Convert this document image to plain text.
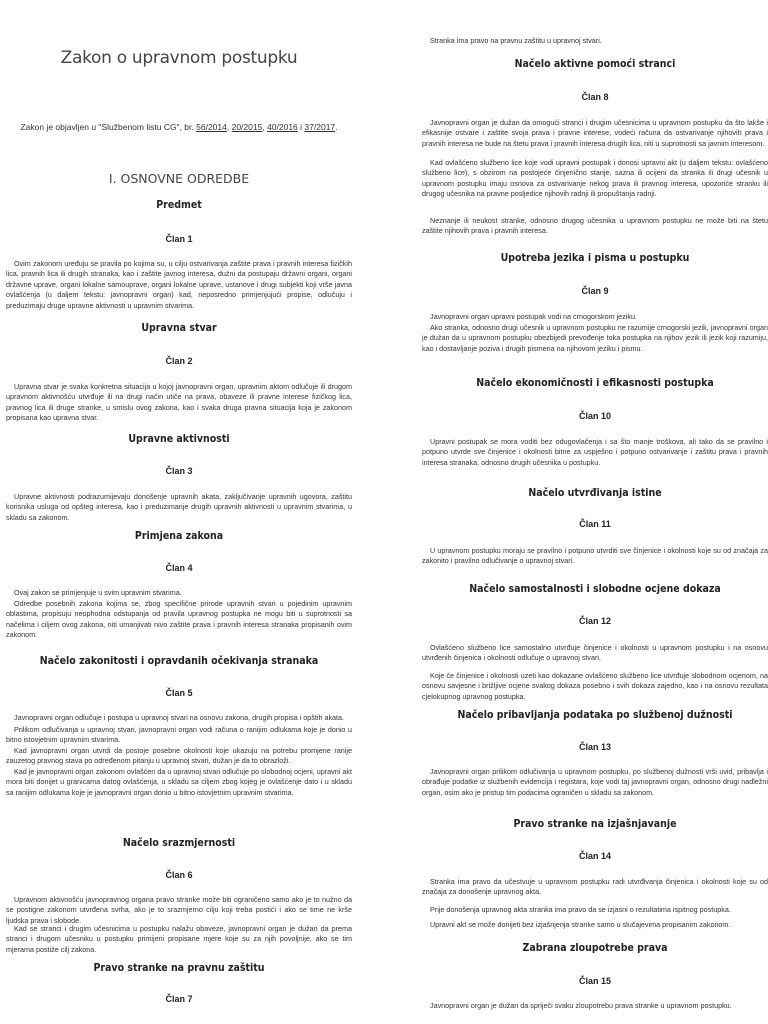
Zakon o upravnom postupku
Zakon je objavljen u "Službenom listu CG", br. 56/2014, 20/2015, 40/2016 i 37/2017.
I. OSNOVNE ODREDBE
Predmet
Član 1
Ovim zakonom uređuju se pravila po kojima su, u cilju ostvarivanja zaštite prava i pravnih interesa fizičkih lica, pravnih lica ili drugih stranaka, kao i zaštite javnog interesa, dužni da postupaju državni organi, organi državne uprave, organi lokalne samouprave, organi lokalne uprave, ustanove i drugi subjekti koji vrše javna ovlašćenja (u daljem tekstu: javnopravni organ) kad, neposredno primjenjujući propise, odlučuju i preduzimaju druge upravne aktivnosti u upravnim stvarima.
Upravna stvar
Član 2
Upravna stvar je svaka konkretna situacija u kojoj javnopravni organ, upravnim aktom odlučuje ili drugom upravnom aktivnošću utvrđuje ili na drugi način utiče na prava, obaveze ili pravne interese fizičkog lica, pravnog lica ili druge stranke, u smislu ovog zakona, kao i svaka druga pravna situacija koja je zakonom propisana kao upravna stvar.
Upravne aktivnosti
Član 3
Upravne aktivnosti podrazumijevaju donošenje upravnih akata, zaključivanje upravnih ugovora, zaštitu korisnika usluga od opšteg interesa, kao i preduzimanje drugih upravnih aktivnosti u upravnim stvarima, u skladu sa zakonom.
Primjena zakona
Član 4
Ovaj zakon se primjenjuje u svim upravnim stvarima.
Odredbe posebnih zakona kojima se, zbog specifične prirode upravnih stvari u pojedinim upravnim oblastima, propisuju neophodna odstupanja od pravila upravnog postupka ne mogu biti u suprotnosti sa načelima i ciljem ovog zakona, niti umanjivati nivo zaštite prava i pravnih interesa stranaka propisanih ovim zakonom.
Načelo zakonitosti i opravdanih očekivanja stranaka
Član 5
Javnopravni organ odlučuje i postupa u upravnoj stvari na osnovu zakona, drugih propisa i opštih akata.
Prilikom odlučivanja u upravnoj stvari, javnopravni organ vodi računa o ranijim odlukama koje je donio u bitno istovjetnim upravnim stvarima.
Kad javnopravni organ utvrdi da postoje posebne okolnosti koje ukazuju na potrebu promjene ranije zauzetog pravnog stava po određenom pitanju u upravnoj stvari, dužan je da to obrazloži.
Kad je javnopravni organ zakonom ovlašćen da u upravnoj stvari odlučuje po slobodnoj ocjeni, upravni akt mora biti donijet u granicama datog ovlašćenja, u skladu sa ciljem zbog kojeg je ovlašćenje dato i u skladu sa ranijim odlukama koje je javnopravni organ donio u bitno istovjetnim upravnim stvarima.
Načelo srazmjernosti
Član 6
Upravnom aktivnošću javnopravnog organa pravo stranke može biti ograničeno samo ako je to nužno da se postigne zakonom utvrđena svrha, ako je to srazmjerno cilju koji treba postići i ako se time ne krše ljudska prava i slobode.
Kad se stranci i drugim učesnicima u postupku nalažu obaveze, javnopravni organ je dužan da prema stranci i drugom učesniku u postupku primijeni propisane mjere koje su za njih povoljnije, ako se tim mjerama postiže cilj zakona.
Pravo stranke na pravnu zaštitu
Član 7
Stranka ima pravo na pravnu zaštitu u upravnoj stvari.
Načelo aktivne pomoći stranci
Član 8
Javnopravni organ je dužan da omogući stranci i drugim učesnicima u upravnom postupku da što lakše i efikasnije ostvare i zaštite svoja prava i pravne interese, vodeći računa da ostvarivanje njihovih prava i pravnih interesa ne bude na štetu prava i pravnih interesa drugih lica, niti u suprotnosti sa javnim interesom.
Kad ovlašćeno službeno lice koje vodi upravni postupak i donosi upravni akt (u daljem tekstu: ovlašćeno službeno lice), s obzirom na postojeće činjenično stanje, sazna ili ocijeni da stranka ili drugi učesnik u upravnom postupku imaju osnova za ostvarivanje nekog prava ili pravnog interesa, upozoriće stranku ili drugog učesnika na pravne posljedice njihovih radnji ili propuštanja radnji.
Neznanje ili neukost stranke, odnosno drugog učesnika u upravnom postupku ne može biti na štetu zaštite njihovih prava i pravnih interesa.
Upotreba jezika i pisma u postupku
Član 9
Javnopravni organ upravni postupak vodi na crnogorskom jeziku.
Ako stranka, odnosno drugi učesnik u upravnom postupku ne razumije crnogorski jezik, javnopravni organ je dužan da u upravnom postupku obezbijedi prevođenje toka postupka na njihov jezik ili jezik koji razumiju, kao i dostavljanje poziva i drugih pismena na njihovom jeziku i pismu.
Načelo ekonomičnosti i efikasnosti postupka
Član 10
Upravni postupak se mora voditi bez odugovlačenja i sa što manje troškova, ali tako da se pravilno i potpuno utvrde sve činjenice i okolnosti bitne za uspješno i potpuno ostvarivanje i zaštitu prava i pravnih interesa stranaka, odnosno drugih učesnika u postupku.
Načelo utvrđivanja istine
Član 11
U upravnom postupku moraju se pravilno i potpuno utvrditi sve činjenice i okolnosti koje su od značaja za zakonito i pravilno odlučivanje o upravnoj stvari.
Načelo samostalnosti i slobodne ocjene dokaza
Član 12
Ovlašćeno službeno lice samostalno utvrđuje činjenice i okolnosti u upravnom postupku i na osnovu utvrđenih činjenica i okolnosti odlučuje o upravnoj stvari.
Koje će činjenice i okolnosti uzeti kao dokazane ovlašćeno službeno lice utvrđuje slobodnom ocjenom, na osnovu savjesne i brižljive ocjene svakog dokaza posebno i svih dokaza zajedno, kao i na osnovu rezultata cjelokupnog upravnog postupka.
Načelo pribavljanja podataka po službenoj dužnosti
Član 13
Javnopravni organ prilikom odlučivanja u upravnom postupku, po službenoj dužnosti vrši uvid, pribavlja i obrađuje podatke iz službenih evidencija i registara, koje vodi taj javnopravni organ, odnosno drugi nadležni organ, osim ako je pristup tim podacima ograničen u skladu sa zakonom.
Pravo stranke na izjašnjavanje
Član 14
Stranka ima pravo da učestvuje u upravnom postupku radi utvrđivanja činjenica i okolnosti koje su od značaja za donošenje upravnog akta.
Prije donošenja upravnog akta stranka ima pravo da se izjasni o rezultatima ispitnog postupka.
Upravni akt se može donijeti bez izjašnjenja stranke samo u slučajevima propisanim zakonom.
Zabrana zloupotrebe prava
Član 15
Javnopravni organ je dužan da spriječi svaku zloupotrebu prava stranke u upravnom postupku.
